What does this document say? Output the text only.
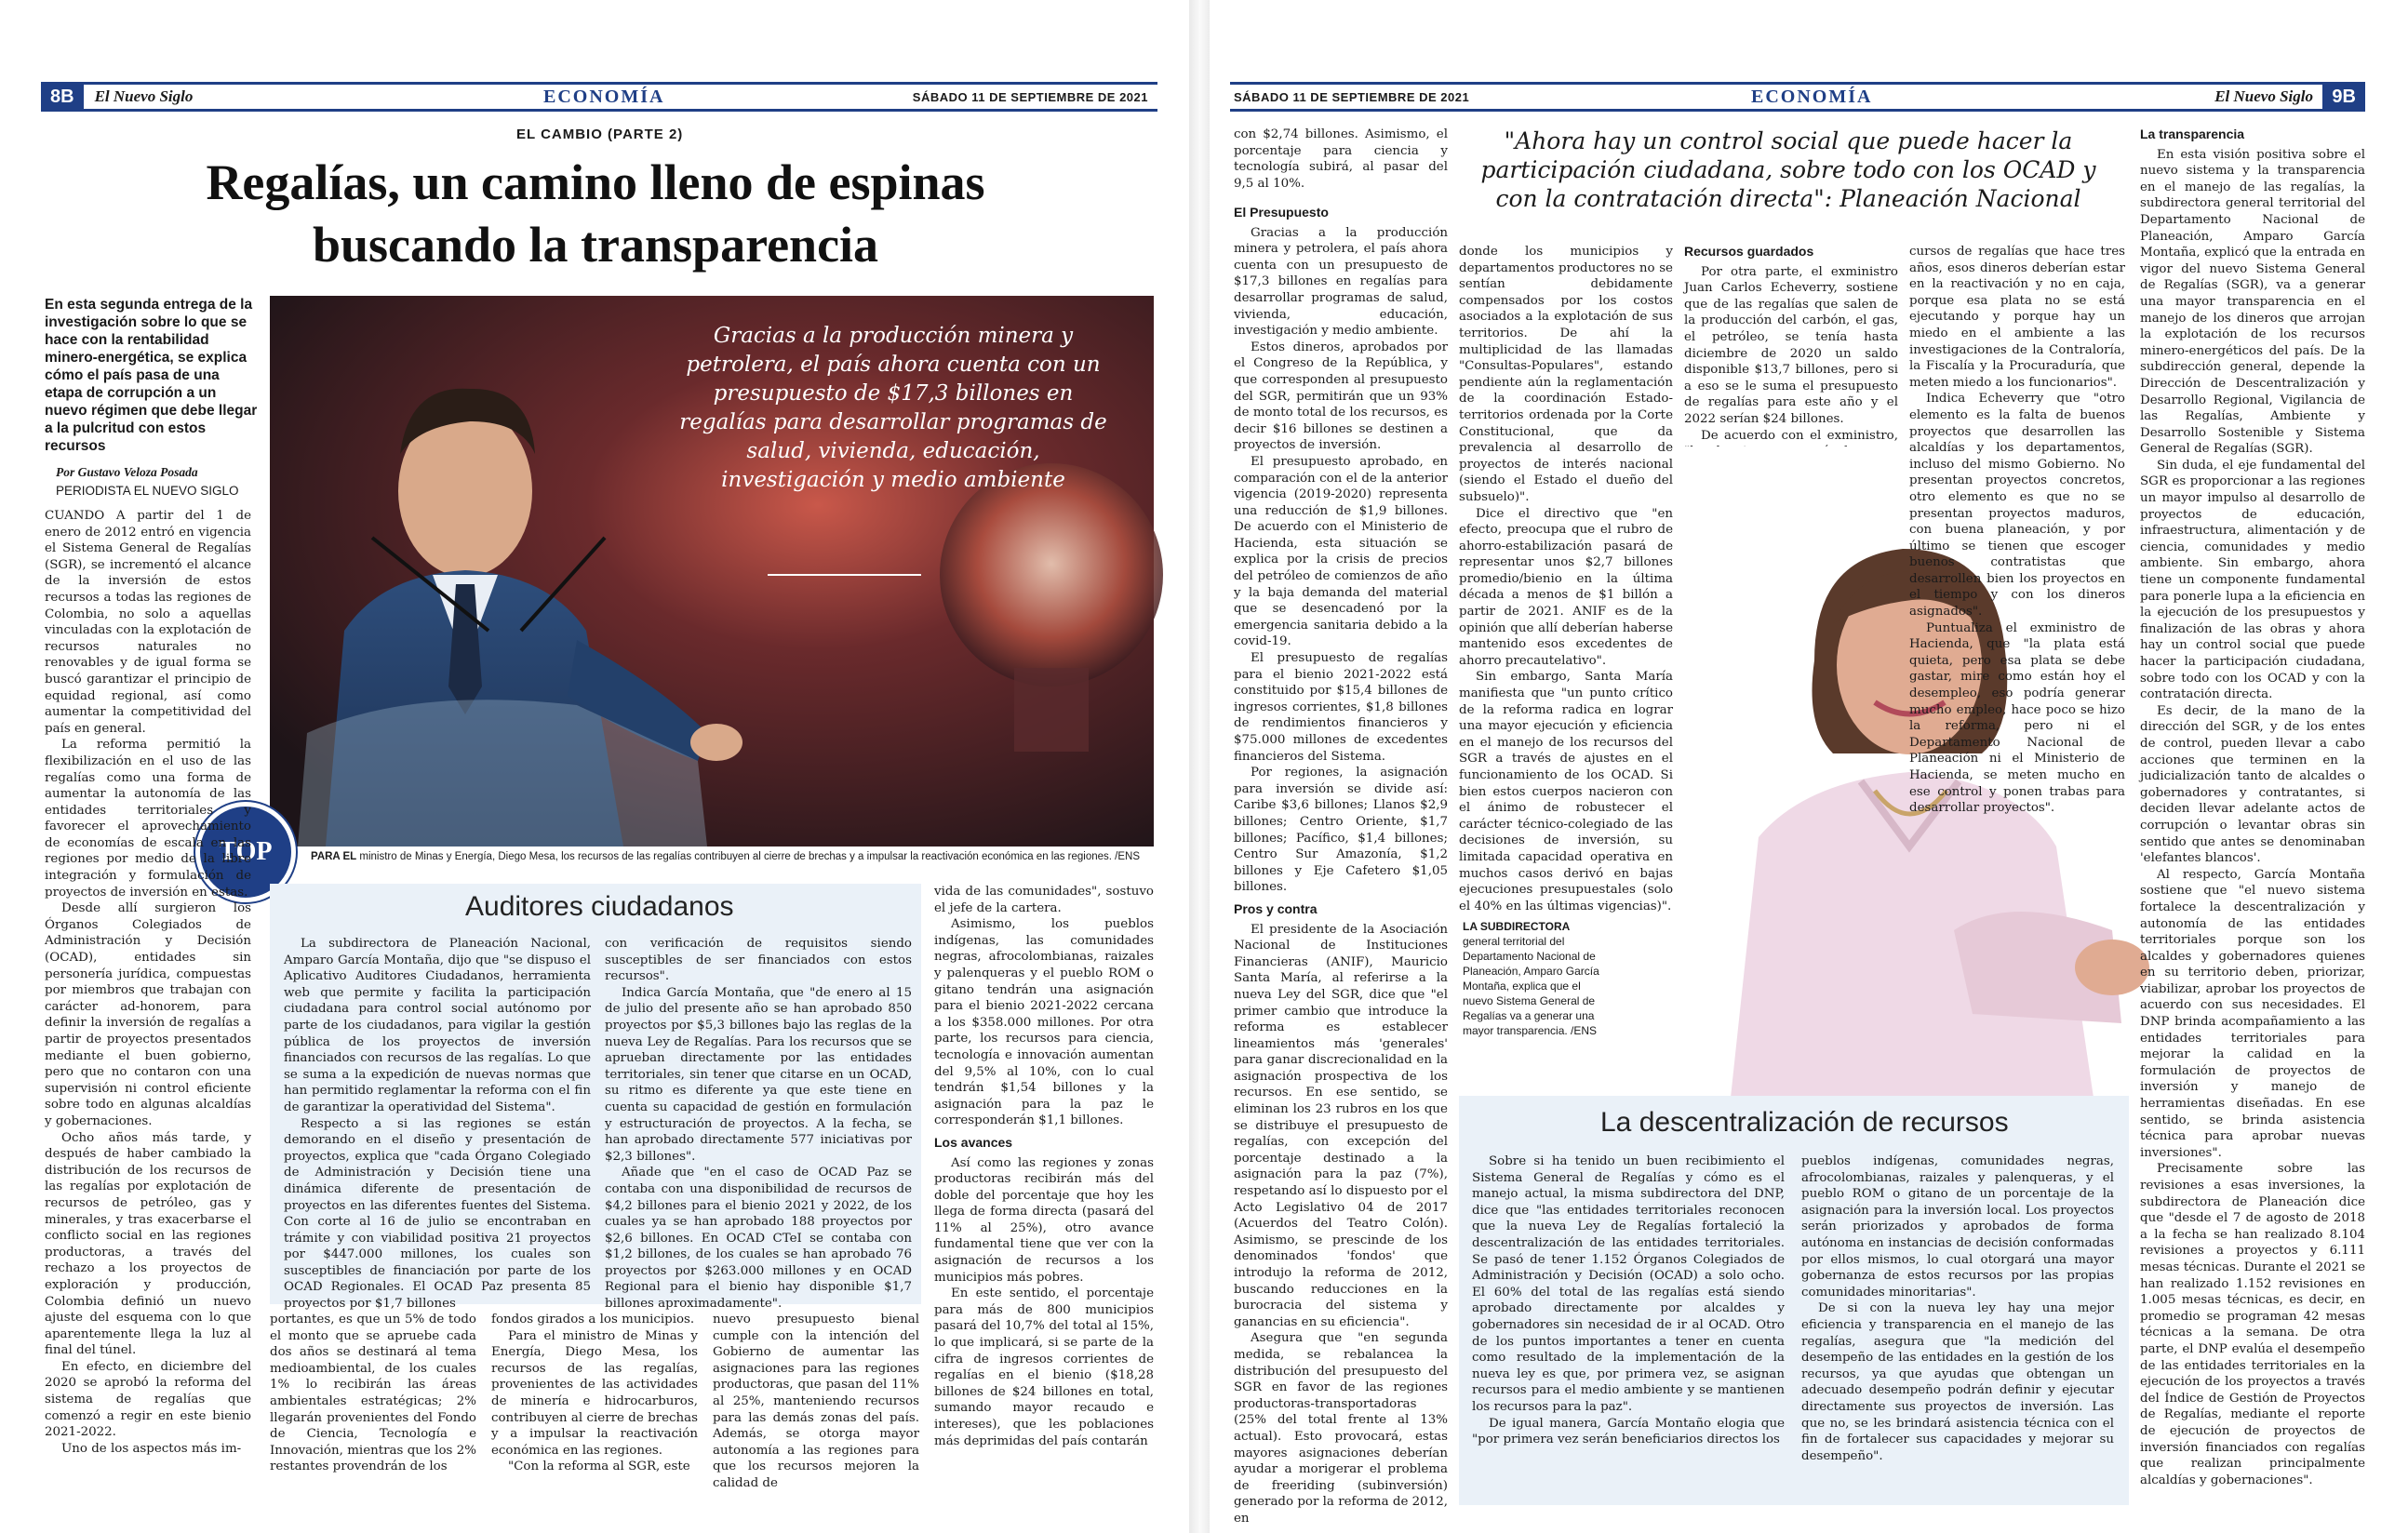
8B	El Nuevo Siglo	ECONOMÍA	SÁBADO 11 DE SEPTIEMBRE DE 2021
EL CAMBIO (PARTE 2)
Regalías, un camino lleno de espinas
buscando la transparencia
En esta segunda entrega de la investigación sobre lo que se hace con la rentabilidad minero-energética, se explica cómo el país pasa de una etapa de corrupción a un nuevo régimen que debe llegar a la pulcritud con estos recursos
Por Gustavo Veloza Posada
PERIODISTA EL NUEVO SIGLO
Gracias a la producción minera y petrolera, el país ahora cuenta con un presupuesto de $17,3 billones en regalías para desarrollar programas de salud, vivienda, educación, investigación y medio ambiente
PARA EL ministro de Minas y Energía, Diego Mesa, los recursos de las regalías contribuyen al cierre de brechas y a impulsar la reactivación económica en las regiones. /ENS
TOP

CUANDO A partir del 1 de enero de 2012 entró en vigencia el Sistema General de Regalías (SGR), se incrementó el alcance de la inversión de estos recursos a todas las regiones de Colombia, no solo a aquellas vinculadas con la explotación de recursos naturales no renovables y de igual forma se buscó garantizar el principio de equidad regional, así como aumentar la competitividad del país en general.

La reforma permitió la flexibilización en el uso de las regalías como una forma de aumentar la autonomía de las entidades territoriales y favorecer el aprovechamiento de economías de escala en las regiones por medio de la libre integración y formulación de proyectos de inversión en estas.

Desde allí surgieron los Órganos Colegiados de Administración y Decisión (OCAD), entidades sin personería jurídica, compuestas por miembros que trabajan con carácter ad-honorem, para definir la inversión de regalías a partir de proyectos presentados mediante el buen gobierno, pero que no contaron con una supervisión ni control eficiente sobre todo en algunas alcaldías y gobernaciones.

Ocho años más tarde, y después de haber cambiado la distribución de los recursos de las regalías por explotación de recursos de petróleo, gas y minerales, y tras exacerbarse el conflicto social en las regiones productoras, a través del rechazo a los proyectos de exploración y producción, Colombia definió un nuevo ajuste del esquema con lo que aparentemente llega la luz al final del túnel.

En efecto, en diciembre del 2020 se aprobó la reforma del sistema de regalías que comenzó a regir en este bienio 2021-2022.

Uno de los aspectos más im-

Auditores ciudadanos

La subdirectora de Planeación Nacional, Amparo García Montaña, dijo que "se dispuso el Aplicativo Auditores Ciudadanos, herramienta web que permite y facilita la participación ciudadana para control social autónomo por parte de los ciudadanos, para vigilar la gestión pública de los proyectos de inversión financiados con recursos de las regalías. Lo que se suma a la expedición de nuevas normas que han permitido reglamentar la reforma con el fin de garantizar la operatividad del Sistema".

Respecto a si las regiones se están demorando en el diseño y presentación de proyectos, explica que "cada Órgano Colegiado de Administración y Decisión tiene una dinámica diferente de presentación de proyectos en las diferentes fuentes del Sistema. Con corte al 16 de julio se encontraban en trámite y con viabilidad positiva 21 proyectos por $447.000 millones, los cuales son susceptibles de financiación por parte de los OCAD Regionales. El OCAD Paz presenta 85 proyectos por $1,7 billones

con verificación de requisitos siendo susceptibles de ser financiados con estos recursos".

Indica García Montaña, que "de enero al 15 de julio del presente año se han aprobado 850 proyectos por $5,3 billones bajo las reglas de la nueva Ley de Regalías. Para los recursos que se aprueban directamente por las entidades territoriales, sin tener que citarse en un OCAD, su ritmo es diferente ya que este tiene en cuenta su capacidad de gestión en formulación y estructuración de proyectos. A la fecha, se han aprobado directamente 577 iniciativas por $2,3 billones".

Añade que "en el caso de OCAD Paz se contaba con una disponibilidad de recursos de $4,2 billones para el bienio 2021 y 2022, de los cuales ya se han aprobado 188 proyectos por $2,6 billones. En OCAD CTeI se contaba con $1,2 billones, de los cuales se han aprobado 76 proyectos por $263.000 millones y en OCAD Regional para el bienio hay disponible $1,7 billones aproximadamente".

portantes, es que un 5% de todo el monto que se apruebe cada dos años se destinará al tema medioambiental, de los cuales 1% lo recibirán las áreas ambientales estratégicas; 2% llegarán provenientes del Fondo de Ciencia, Tecnología e Innovación, mientras que los 2% restantes provendrán de los

fondos girados a los municipios.

Para el ministro de Minas y Energía, Diego Mesa, los recursos de las regalías, provenientes de las actividades de minería e hidrocarburos, contribuyen al cierre de brechas y a impulsar la reactivación económica en las regiones.

"Con la reforma al SGR, este

nuevo presupuesto bienal cumple con la intención del Gobierno de aumentar las asignaciones para las regiones productoras, que pasan del 11% al 25%, manteniendo recursos para las demás zonas del país. Además, se otorga mayor autonomía a las regiones para que los recursos mejoren la calidad de

vida de las comunidades", sostuvo el jefe de la cartera.

Asimismo, los pueblos indígenas, las comunidades negras, afrocolombianas, raizales y palenqueras y el pueblo ROM o gitano tendrán una asignación para el bienio 2021-2022 cercana a los $358.000 millones. Por otra parte, los recursos para ciencia, tecnología e innovación aumentan del 9,5% al 10%, con lo cual tendrán $1,54 billones y la asignación para la paz le corresponderán $1,1 billones.

Los avances

Así como las regiones y zonas productoras recibirán más del doble del porcentaje que hoy les llega de forma directa (pasará del 11% al 25%), otro avance fundamental tiene que ver con la asignación de recursos a los municipios más pobres.

En este sentido, el porcentaje para más de 800 municipios pasará del 10,7% del total al 15%, lo que implicará, si se parte de la cifra de ingresos corrientes de regalías en el bienio ($18,28 billones de $24 billones en total, sumando mayor recaudo e intereses), que les poblaciones más deprimidas del país contarán

SÁBADO 11 DE SEPTIEMBRE DE 2021	ECONOMÍA	El Nuevo Siglo	9B

con $2,74 billones. Asimismo, el porcentaje para ciencia y tecnología subirá, al pasar del 9,5 al 10%.

"Ahora hay un control social que puede hacer la participación ciudadana, sobre todo con los OCAD y con la contratación directa": Planeación Nacional
El Presupuesto

Gracias a la producción minera y petrolera, el país ahora cuenta con un presupuesto de $17,3 billones en regalías para desarrollar programas de salud, vivienda, educación, investigación y medio ambiente.

Estos dineros, aprobados por el Congreso de la República, y que corresponden al presupuesto del SGR, permitirán que un 93% de monto total de los recursos, es decir $16 billones se destinen a proyectos de inversión.

El presupuesto aprobado, en comparación con el de la anterior vigencia (2019-2020) representa una reducción de $1,9 billones. De acuerdo con el Ministerio de Hacienda, esta situación se explica por la crisis de precios del petróleo de comienzos de año y la baja demanda del material que se desencadenó por la emergencia sanitaria debido a la covid-19.

El presupuesto de regalías para el bienio 2021-2022 está constituido por $15,4 billones de ingresos corrientes, $1,8 billones de rendimientos financieros y $75.000 millones de excedentes financieros del Sistema.

Por regiones, la asignación para inversión se divide así: Caribe $3,6 billones; Llanos $2,9 billones; Centro Oriente, $1,7 billones; Pacífico, $1,4 billones; Centro Sur Amazonía, $1,2 billones y Eje Cafetero $1,05 billones.

Pros y contra

El presidente de la Asociación Nacional de Instituciones Financieras (ANIF), Mauricio Santa María, al referirse a la nueva Ley del SGR, dice que "el primer cambio que introduce la reforma es establecer lineamientos más 'generales' para ganar discrecionalidad en la asignación prospectiva de los recursos. En ese sentido, se eliminan los 23 rubros en los que se distribuye el presupuesto de regalías, con excepción del porcentaje destinado a la asignación para la paz (7%), respetando así lo dispuesto por el Acto Legislativo 04 de 2017 (Acuerdos del Teatro Colón). Asimismo, se prescinde de los denominados 'fondos' que introdujo la reforma de 2012, buscando reducciones en la burocracia del sistema y ganancias en su eficiencia".

Asegura que "en segunda medida, se rebalancea la distribución del presupuesto del SGR en favor de las regiones productoras-transportadoras (25% del total frente al 13% actual). Esto provocará, estas mayores asignaciones deberían ayudar a morigerar el problema de freeriding (subinversión) generado por la reforma de 2012, en

donde los municipios y departamentos productores no se sentían debidamente compensados por los costos asociados a la explotación de sus territorios. De ahí la multiplicidad de las llamadas "Consultas-Populares", estando pendiente aún la reglamentación de la coordinación Estado-territorios ordenada por la Corte Constitucional, que da prevalencia al desarrollo de proyectos de interés nacional (siendo el Estado el dueño del subsuelo)".

Dice el directivo que "en efecto, preocupa que el rubro de ahorro-estabilización pasará de representar unos $2,7 billones promedio/bienio en la última década a menos de $1 billón a partir de 2021. ANIF es de la opinión que allí deberían haberse mantenido esos excedentes de ahorro precautelativo".

Sin embargo, Santa María manifiesta que "un punto crítico de la reforma radica en lograr una mayor ejecución y eficiencia en el manejo de los recursos del SGR a través de ajustes en el funcionamiento de los OCAD. Si bien estos cuerpos nacieron con el ánimo de robustecer el carácter técnico-colegiado de las decisiones de inversión, su limitada capacidad operativa en muchos casos derivó en bajas ejecuciones presupuestales (solo el 40% en las últimas vigencias)".

Recursos guardados

Por otra parte, el exministro Juan Carlos Echeverry, sostiene que de las regalías que salen de la producción del carbón, el gas, el petróleo, se tenía hasta diciembre de 2020 un saldo disponible $13,7 billones, pero si a eso se le suma el presupuesto de regalías para este año y el 2022 serían $24 billones.

De acuerdo con el exministro,

cursos de regalías que hace tres años, esos dineros deberían estar en la reactivación y no en caja, porque esa plata no se está ejecutando y porque hay un miedo en el ambiente a las investigaciones de la Contraloría, la Fiscalía y la Procuraduría, que meten miedo a los funcionarios".

Indica Echeverry que "otro elemento es la falta de buenos proyectos que desarrollen las alcaldías y los departamentos, incluso del mismo Gobierno. No presentan proyectos concretos, otro elemento es que no se presentan proyectos maduros, con buena planeación, y por último se tienen que escoger buenos contratistas que desarrollen bien los proyectos en el tiempo y con los dineros asignados".

Puntualiza el exministro de Hacienda, que "la plata está quieta, pero esa plata se debe gastar, mire como están hoy el desempleo, eso podría generar mucho empleo, hace poco se hizo la reforma, pero ni el Departamento Nacional de Planeación ni el Ministerio de Hacienda, se meten mucho en ese control y ponen trabas para desarrollar proyectos".

LA SUBDIRECTORA
general territorial del Departamento Nacional de Planeación, Amparo García Montaña, explica que el nuevo Sistema General de Regalías va a generar una mayor transparencia. /ENS
La descentralización de recursos

Sobre si ha tenido un buen recibimiento el Sistema General de Regalías y cómo es el manejo actual, la misma subdirectora del DNP, dice que "las entidades territoriales reconocen que la nueva Ley de Regalías fortaleció la descentralización de las entidades territoriales. Se pasó de tener 1.152 Órganos Colegiados de Administración y Decisión (OCAD) a solo ocho. El 60% del total de las regalías está siendo aprobado directamente por alcaldes y gobernadores sin necesidad de ir al OCAD. Otro de los puntos importantes a tener en cuenta como resultado de la implementación de la nueva ley es que, por primera vez, se asignan recursos para el medio ambiente y se mantienen los recursos para la paz".

De igual manera, García Montaño elogia que "por primera vez serán beneficiarios directos los

pueblos indígenas, comunidades negras, afrocolombianas, raizales y palenqueras, y el pueblo ROM o gitano de un porcentaje de la asignación para la inversión local. Los proyectos serán priorizados y aprobados de forma autónoma en instancias de decisión conformadas por ellos mismos, lo cual otorgará una mayor gobernanza de estos recursos por las propias comunidades minoritarias".

De si con la nueva ley hay una mejor eficiencia y transparencia en el manejo de las regalías, asegura que "la medición del desempeño de las entidades en la gestión de los recursos, ya que ayudas que obtengan un adecuado desempeño podrán definir y ejecutar directamente sus proyectos de inversión. Las que no, se les brindará asistencia técnica con el fin de fortalecer sus capacidades y mejorar su desempeño".

La transparencia

En esta visión positiva sobre el nuevo sistema y la transparencia en el manejo de las regalías, la subdirectora general territorial del Departamento Nacional de Planeación, Amparo García Montaña, explicó que la entrada en vigor del nuevo Sistema General de Regalías (SGR), va a generar una mayor transparencia en el manejo de los dineros que arrojan la explotación de los recursos minero-energéticos del país. De la subdirección general, depende la Dirección de Descentralización y Desarrollo Regional, Vigilancia de las Regalías, Ambiente y Desarrollo Sostenible y Sistema General de Regalías (SGR).

Sin duda, el eje fundamental del SGR es proporcionar a las regiones un mayor impulso al desarrollo de proyectos de educación, infraestructura, alimentación y de ciencia, comunidades y medio ambiente. Sin embargo, ahora tiene un componente fundamental para ponerle lupa a la eficiencia en la ejecución de los presupuestos y finalización de las obras y ahora hay un control social que puede hacer la participación ciudadana, sobre todo con los OCAD y con la contratación directa.

Es decir, de la mano de la dirección del SGR, y de los entes de control, pueden llevar a cabo acciones que terminen en la judicialización tanto de alcaldes o gobernadores y contratantes, si deciden llevar adelante actos de corrupción o levantar obras sin sentido que antes se denominaban 'elefantes blancos'.

Al respecto, García Montaña sostiene que "el nuevo sistema fortalece la descentralización y autonomía de las entidades territoriales porque son los alcaldes y gobernadores quienes en su territorio deben, priorizar, viabilizar, aprobar los proyectos de acuerdo con sus necesidades. El DNP brinda acompañamiento a las entidades territoriales para mejorar la calidad en la formulación de proyectos de inversión y manejo de herramientas diseñadas. En ese sentido, se brinda asistencia técnica para aprobar nuevas inversiones".

Precisamente sobre las revisiones a esas inversiones, la subdirectora de Planeación dice que "desde el 7 de agosto de 2018 a la fecha se han realizado 8.104 revisiones a proyectos y 6.111 mesas técnicas. Durante el 2021 se han realizado 1.152 revisiones en 1.005 mesas técnicas, es decir, en promedio se programan 42 mesas técnicas a la semana. De otra parte, el DNP evalúa el desempeño de las entidades territoriales en la ejecución de los proyectos a través del Índice de Gestión de Proyectos de Regalías, mediante el reporte de ejecución de proyectos de inversión financiados con regalías que realizan principalmente alcaldías y gobernaciones".
